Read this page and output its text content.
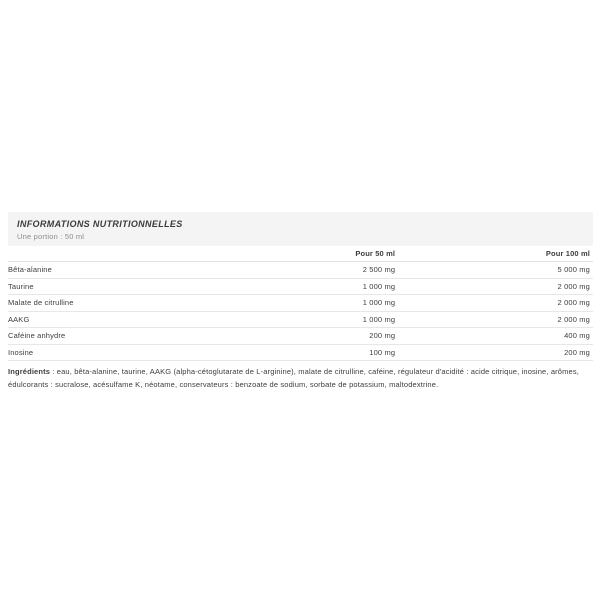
INFORMATIONS NUTRITIONNELLES
Une portion : 50 ml
	Pour 50 ml	Pour 100 ml
Bêta-alanine	2 500 mg	5 000 mg
Taurine	1 000 mg	2 000 mg
Malate de citrulline	1 000 mg	2 000 mg
AAKG	1 000 mg	2 000 mg
Caféine anhydre	200 mg	400 mg
Inosine	100 mg	200 mg

Ingrédients : eau, bêta-alanine, taurine, AAKG (alpha-cétoglutarate de L-arginine), malate de citrulline, caféine, régulateur d'acidité : acide citrique, inosine, arômes, édulcorants : sucralose, acésulfame K, néotame, conservateurs : benzoate de sodium, sorbate de potassium, maltodextrine.
